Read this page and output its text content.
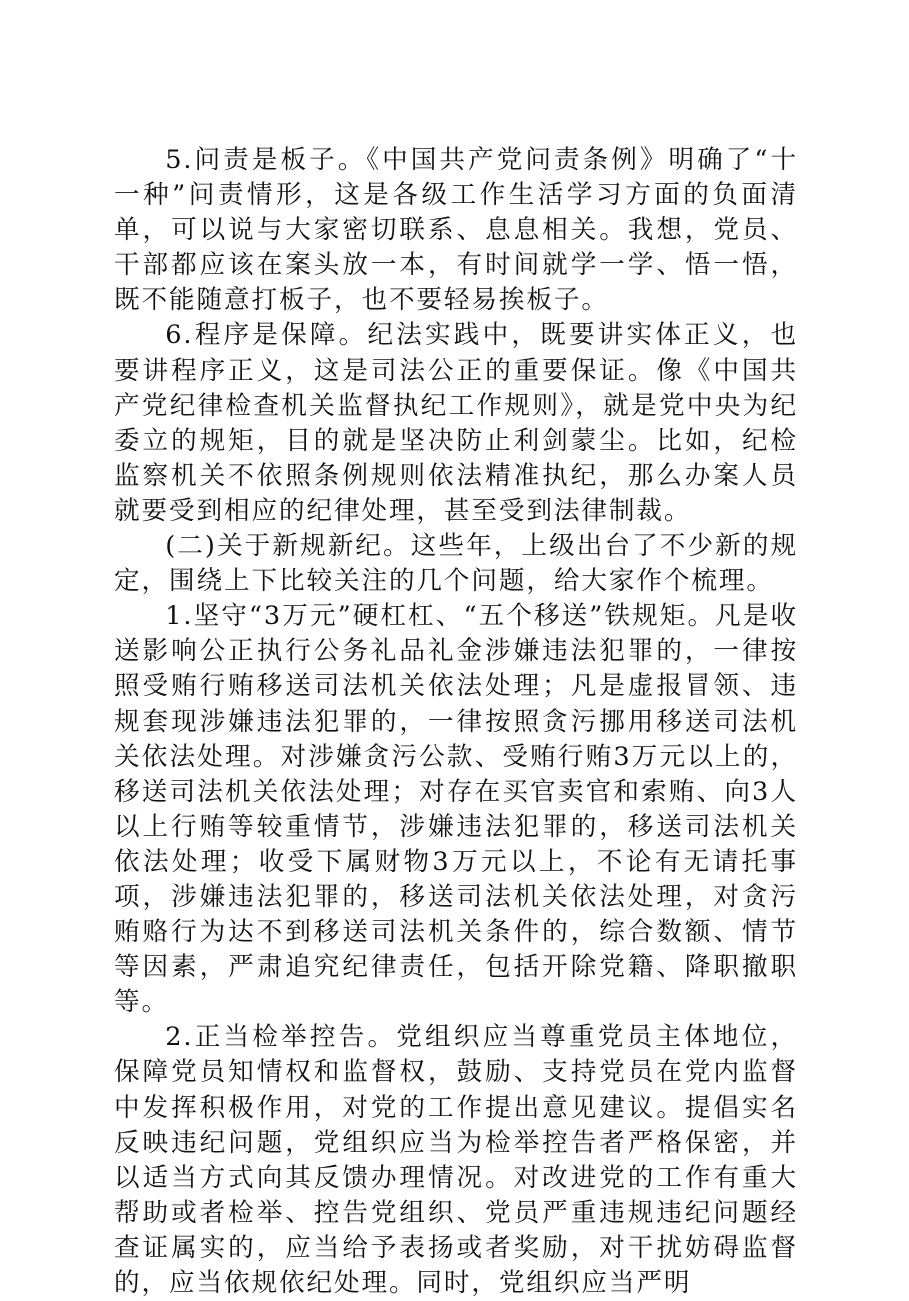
5.问责是板子。《中国共产党问责条例》明确了“十一种”问责情形，这是各级工作生活学习方面的负面清单，可以说与大家密切联系、息息相关。我想，党员、干部都应该在案头放一本，有时间就学一学、悟一悟，既不能随意打板子，也不要轻易挨板子。

6.程序是保障。纪法实践中，既要讲实体正义，也要讲程序正义，这是司法公正的重要保证。像《中国共产党纪律检查机关监督执纪工作规则》，就是党中央为纪委立的规矩，目的就是坚决防止利剑蒙尘。比如，纪检监察机关不依照条例规则依法精准执纪，那么办案人员就要受到相应的纪律处理，甚至受到法律制裁。

(二)关于新规新纪。这些年，上级出台了不少新的规定，围绕上下比较关注的几个问题，给大家作个梳理。

1.坚守“3万元”硬杠杠、“五个移送”铁规矩。凡是收送影响公正执行公务礼品礼金涉嫌违法犯罪的，一律按照受贿行贿移送司法机关依法处理；凡是虚报冒领、违规套现涉嫌违法犯罪的，一律按照贪污挪用移送司法机关依法处理。对涉嫌贪污公款、受贿行贿3万元以上的，移送司法机关依法处理；对存在买官卖官和索贿、向3人以上行贿等较重情节，涉嫌违法犯罪的，移送司法机关依法处理；收受下属财物3万元以上，不论有无请托事项，涉嫌违法犯罪的，移送司法机关依法处理，对贪污贿赂行为达不到移送司法机关条件的，综合数额、情节等因素，严肃追究纪律责任，包括开除党籍、降职撤职等。

2.正当检举控告。党组织应当尊重党员主体地位，保障党员知情权和监督权，鼓励、支持党员在党内监督中发挥积极作用，对党的工作提出意见建议。提倡实名反映违纪问题，党组织应当为检举控告者严格保密，并以适当方式向其反馈办理情况。对改进党的工作有重大帮助或者检举、控告党组织、党员严重违规违纪问题经查证属实的，应当给予表扬或者奖励，对干扰妨碍监督的，应当依规依纪处理。同时，党组织应当严明
